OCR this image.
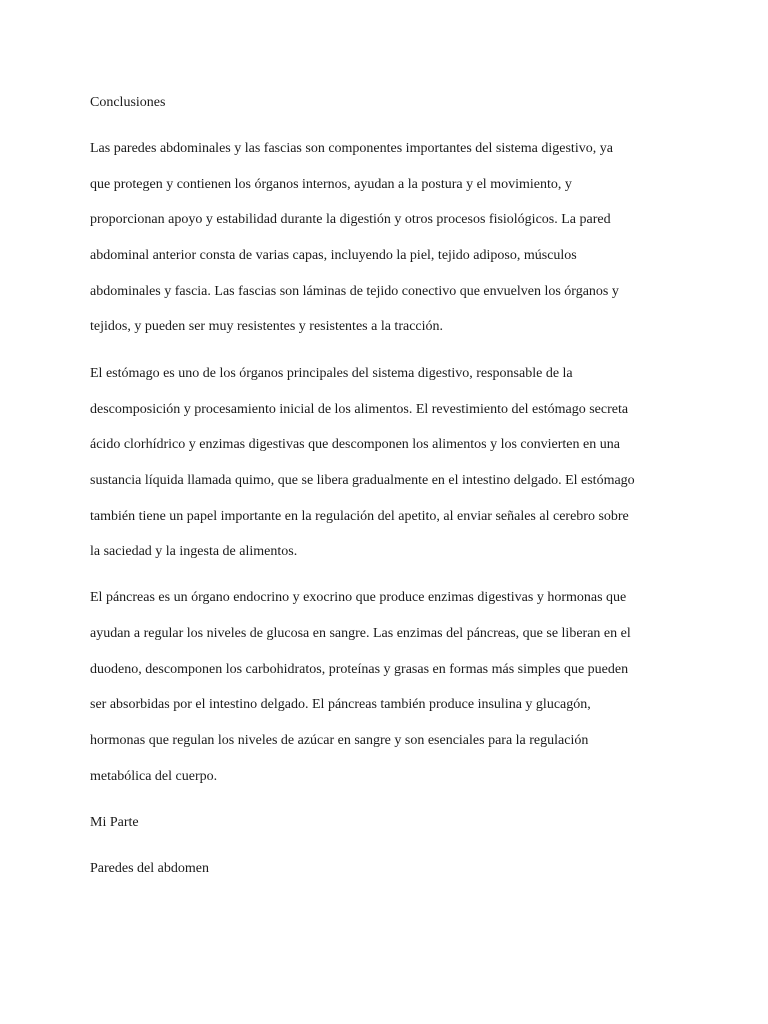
Conclusiones

Las paredes abdominales y las fascias son componentes importantes del sistema digestivo, ya

que protegen y contienen los órganos internos, ayudan a la postura y el movimiento, y

proporcionan apoyo y estabilidad durante la digestión y otros procesos fisiológicos. La pared

abdominal anterior consta de varias capas, incluyendo la piel, tejido adiposo, músculos

abdominales y fascia. Las fascias son láminas de tejido conectivo que envuelven los órganos y

tejidos, y pueden ser muy resistentes y resistentes a la tracción.

El estómago es uno de los órganos principales del sistema digestivo, responsable de la

descomposición y procesamiento inicial de los alimentos. El revestimiento del estómago secreta

ácido clorhídrico y enzimas digestivas que descomponen los alimentos y los convierten en una

sustancia líquida llamada quimo, que se libera gradualmente en el intestino delgado. El estómago

también tiene un papel importante en la regulación del apetito, al enviar señales al cerebro sobre

la saciedad y la ingesta de alimentos.

El páncreas es un órgano endocrino y exocrino que produce enzimas digestivas y hormonas que

ayudan a regular los niveles de glucosa en sangre. Las enzimas del páncreas, que se liberan en el

duodeno, descomponen los carbohidratos, proteínas y grasas en formas más simples que pueden

ser absorbidas por el intestino delgado. El páncreas también produce insulina y glucagón,

hormonas que regulan los niveles de azúcar en sangre y son esenciales para la regulación

metabólica del cuerpo.

Mi Parte
Paredes del abdomen
